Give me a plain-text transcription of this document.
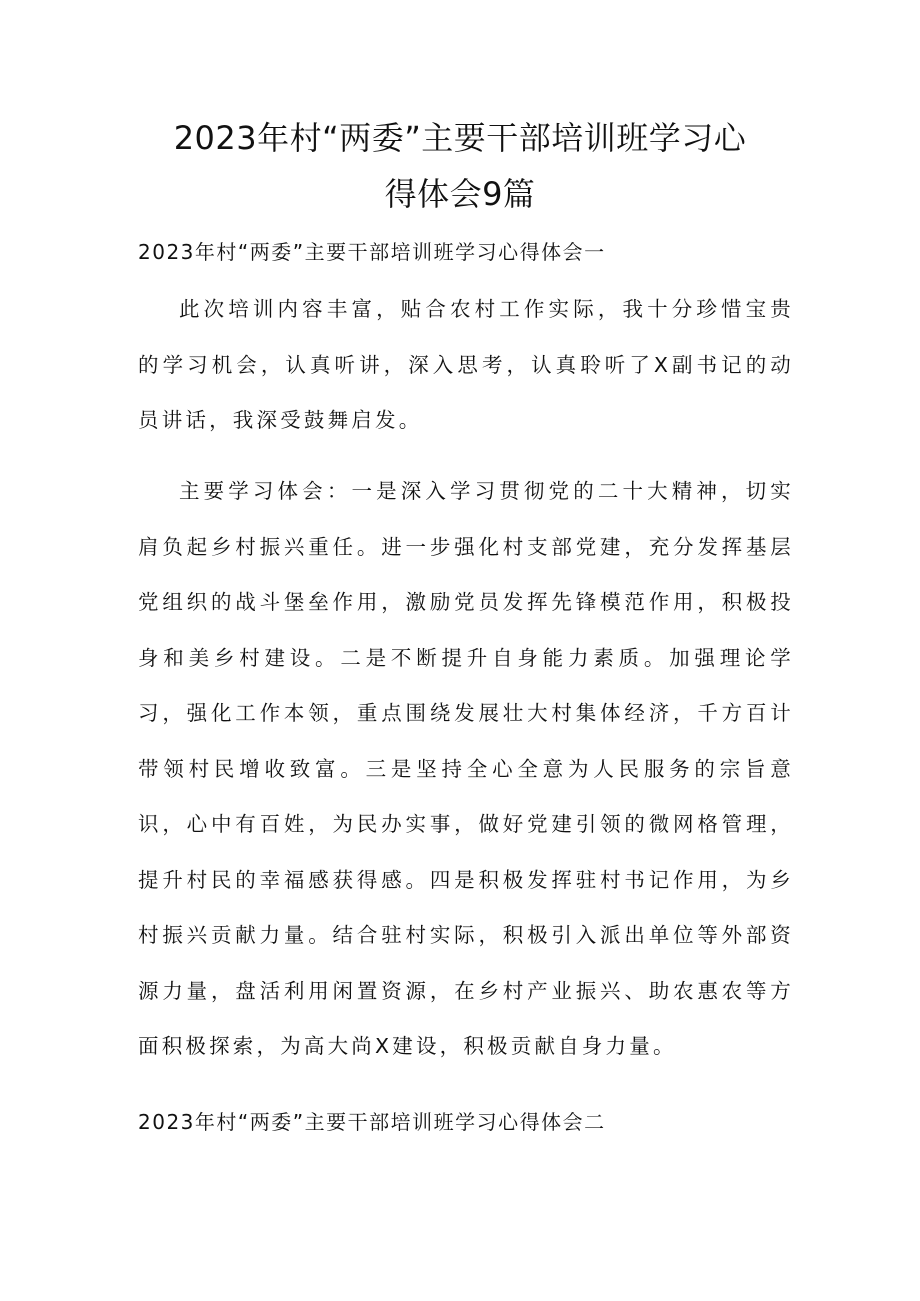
2023年村“两委”主要干部培训班学习心
得体会9篇
2023年村“两委”主要干部培训班学习心得体会一

此次培训内容丰富，贴合农村工作实际，我十分珍惜宝贵的学习机会，认真听讲，深入思考，认真聆听了X副书记的动员讲话，我深受鼓舞启发。

主要学习体会：一是深入学习贯彻党的二十大精神，切实肩负起乡村振兴重任。进一步强化村支部党建，充分发挥基层党组织的战斗堡垒作用，激励党员发挥先锋模范作用，积极投身和美乡村建设。二是不断提升自身能力素质。加强理论学习，强化工作本领，重点围绕发展壮大村集体经济，千方百计带领村民增收致富。三是坚持全心全意为人民服务的宗旨意识，心中有百姓，为民办实事，做好党建引领的微网格管理，提升村民的幸福感获得感。四是积极发挥驻村书记作用，为乡村振兴贡献力量。结合驻村实际，积极引入派出单位等外部资源力量，盘活利用闲置资源，在乡村产业振兴、助农惠农等方面积极探索，为高大尚X建设，积极贡献自身力量。

2023年村“两委”主要干部培训班学习心得体会二
